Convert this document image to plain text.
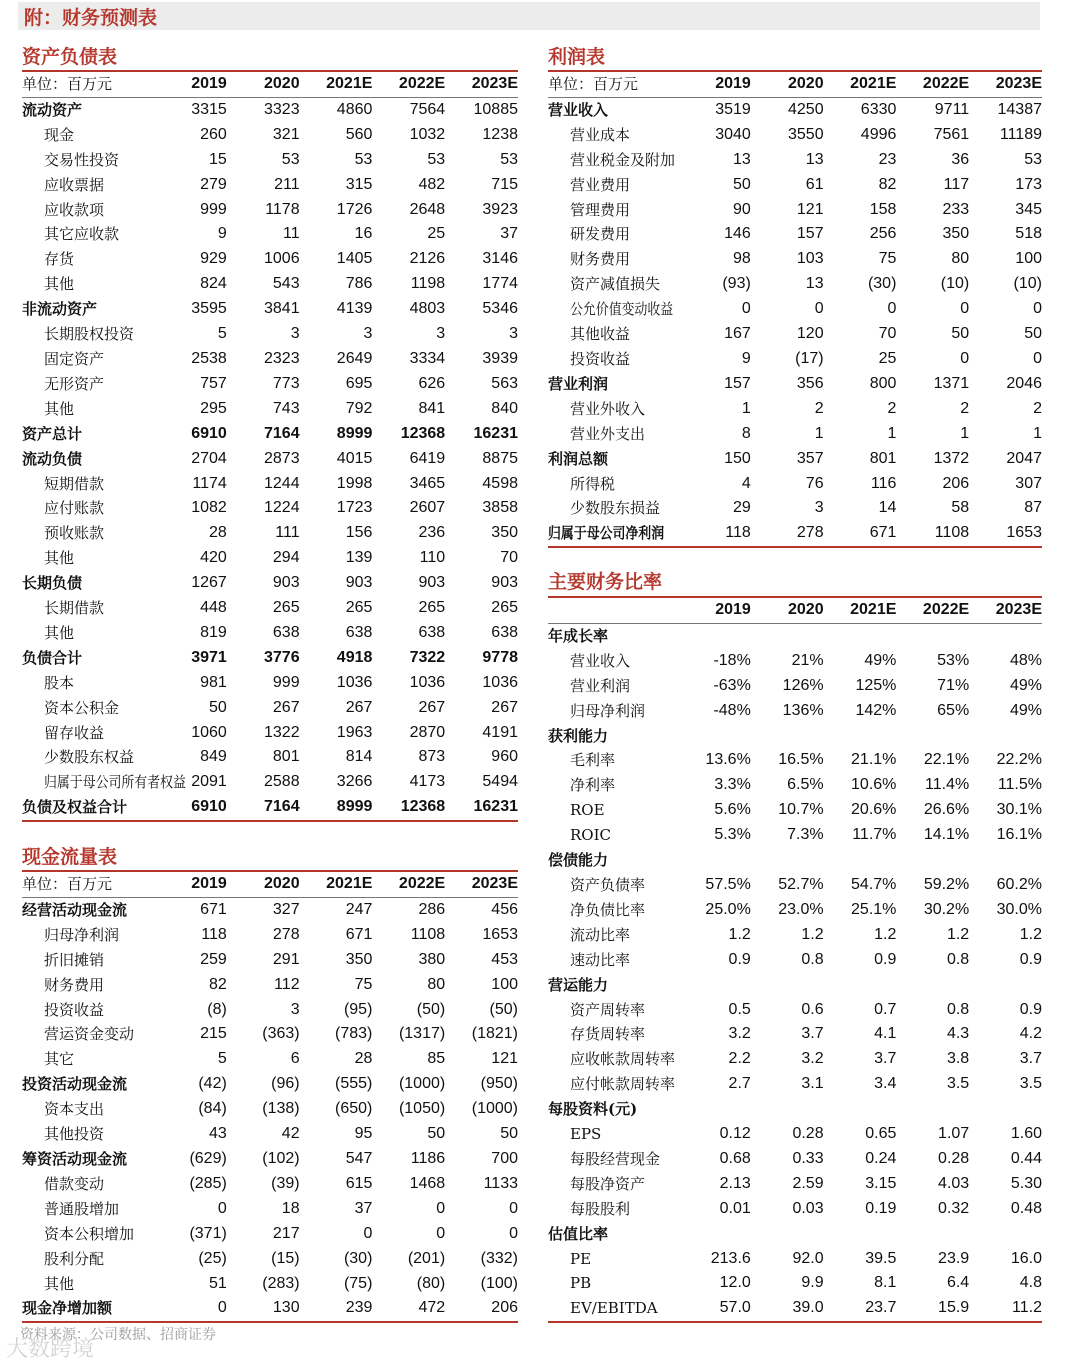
附：财务预测表
资产负债表
单位：百万元	2019	2020	2021E	2022E	2023E
流动资产	3315	3323	4860	7564	10885
现金	260	321	560	1032	1238
交易性投资	15	53	53	53	53
应收票据	279	211	315	482	715
应收款项	999	1178	1726	2648	3923
其它应收款	9	11	16	25	37
存货	929	1006	1405	2126	3146
其他	824	543	786	1198	1774
非流动资产	3595	3841	4139	4803	5346
长期股权投资	5	3	3	3	3
固定资产	2538	2323	2649	3334	3939
无形资产	757	773	695	626	563
其他	295	743	792	841	840
资产总计	6910	7164	8999	12368	16231
流动负债	2704	2873	4015	6419	8875
短期借款	1174	1244	1998	3465	4598
应付账款	1082	1224	1723	2607	3858
预收账款	28	111	156	236	350
其他	420	294	139	110	70
长期负债	1267	903	903	903	903
长期借款	448	265	265	265	265
其他	819	638	638	638	638
负债合计	3971	3776	4918	7322	9778
股本	981	999	1036	1036	1036
资本公积金	50	267	267	267	267
留存收益	1060	1322	1963	2870	4191
少数股东权益	849	801	814	873	960
归属于母公司所有者权益	2091	2588	3266	4173	5494
负债及权益合计	6910	7164	8999	12368	16231
现金流量表
单位：百万元	2019	2020	2021E	2022E	2023E
经营活动现金流	671	327	247	286	456
归母净利润	118	278	671	1108	1653
折旧摊销	259	291	350	380	453
财务费用	82	112	75	80	100
投资收益	(8)	3	(95)	(50)	(50)
营运资金变动	215	(363)	(783)	(1317)	(1821)
其它	5	6	28	85	121
投资活动现金流	(42)	(96)	(555)	(1000)	(950)
资本支出	(84)	(138)	(650)	(1050)	(1000)
其他投资	43	42	95	50	50
筹资活动现金流	(629)	(102)	547	1186	700
借款变动	(285)	(39)	615	1468	1133
普通股增加	0	18	37	0	0
资本公积增加	(371)	217	0	0	0
股利分配	(25)	(15)	(30)	(201)	(332)
其他	51	(283)	(75)	(80)	(100)
现金净增加额	0	130	239	472	206
利润表
单位：百万元	2019	2020	2021E	2022E	2023E
营业收入	3519	4250	6330	9711	14387
营业成本	3040	3550	4996	7561	11189
营业税金及附加	13	13	23	36	53
营业费用	50	61	82	117	173
管理费用	90	121	158	233	345
研发费用	146	157	256	350	518
财务费用	98	103	75	80	100
资产减值损失	(93)	13	(30)	(10)	(10)
公允价值变动收益	0	0	0	0	0
其他收益	167	120	70	50	50
投资收益	9	(17)	25	0	0
营业利润	157	356	800	1371	2046
营业外收入	1	2	2	2	2
营业外支出	8	1	1	1	1
利润总额	150	357	801	1372	2047
所得税	4	76	116	206	307
少数股东损益	29	3	14	58	87
归属于母公司净利润	118	278	671	1108	1653
主要财务比率
	2019	2020	2021E	2022E	2023E
年成长率					
营业收入	-18%	21%	49%	53%	48%
营业利润	-63%	126%	125%	71%	49%
归母净利润	-48%	136%	142%	65%	49%
获利能力					
毛利率	13.6%	16.5%	21.1%	22.1%	22.2%
净利率	3.3%	6.5%	10.6%	11.4%	11.5%
ROE	5.6%	10.7%	20.6%	26.6%	30.1%
ROIC	5.3%	7.3%	11.7%	14.1%	16.1%
偿债能力					
资产负债率	57.5%	52.7%	54.7%	59.2%	60.2%
净负债比率	25.0%	23.0%	25.1%	30.2%	30.0%
流动比率	1.2	1.2	1.2	1.2	1.2
速动比率	0.9	0.8	0.9	0.8	0.9
营运能力					
资产周转率	0.5	0.6	0.7	0.8	0.9
存货周转率	3.2	3.7	4.1	4.3	4.2
应收帐款周转率	2.2	3.2	3.7	3.8	3.7
应付帐款周转率	2.7	3.1	3.4	3.5	3.5
每股资料(元)					
EPS	0.12	0.28	0.65	1.07	1.60
每股经营现金	0.68	0.33	0.24	0.28	0.44
每股净资产	2.13	2.59	3.15	4.03	5.30
每股股利	0.01	0.03	0.19	0.32	0.48
估值比率					
PE	213.6	92.0	39.5	23.9	16.0
PB	12.0	9.9	8.1	6.4	4.8
EV/EBITDA	57.0	39.0	23.7	15.9	11.2
资料来源：公司数据、招商证券
大数跨境
